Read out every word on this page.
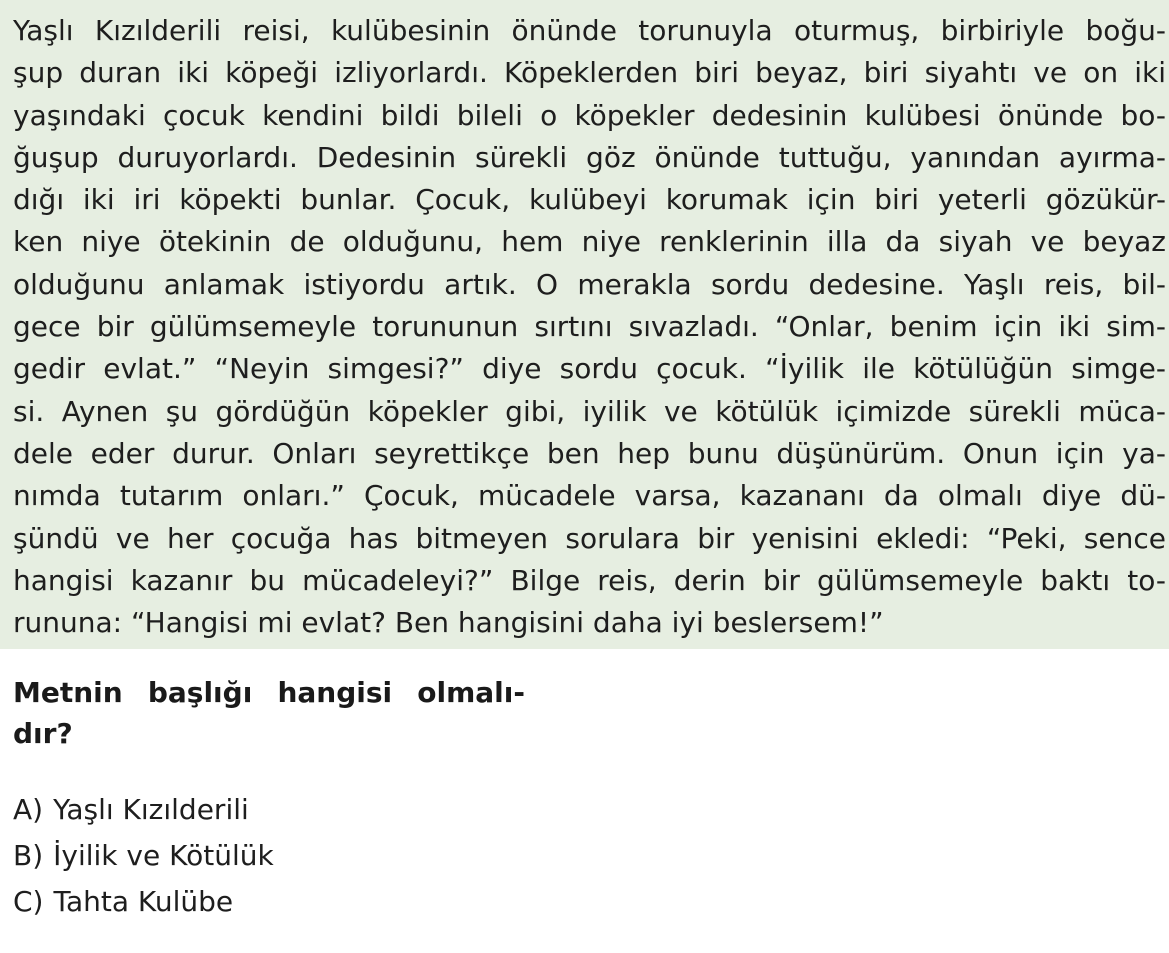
Yaşlı Kızılderili reisi, kulübesinin önünde torunuyla oturmuş, birbiriyle boğu-
şup duran iki köpeği izliyorlardı. Köpeklerden biri beyaz, biri siyahtı ve on iki
yaşındaki çocuk kendini bildi bileli o köpekler dedesinin kulübesi önünde bo-
ğuşup duruyorlardı. Dedesinin sürekli göz önünde tuttuğu, yanından ayırma-
dığı iki iri köpekti bunlar. Çocuk, kulübeyi korumak için biri yeterli gözükür-
ken niye ötekinin de olduğunu, hem niye renklerinin illa da siyah ve beyaz
olduğunu anlamak istiyordu artık. O merakla sordu dedesine. Yaşlı reis, bil-
gece bir gülümsemeyle torununun sırtını sıvazladı. “Onlar, benim için iki sim-
gedir evlat.” “Neyin simgesi?” diye sordu çocuk. “İyilik ile kötülüğün simge-
si. Aynen şu gördüğün köpekler gibi, iyilik ve kötülük içimizde sürekli müca-
dele eder durur. Onları seyrettikçe ben hep bunu düşünürüm. Onun için ya-
nımda tutarım onları.” Çocuk, mücadele varsa, kazananı da olmalı diye dü-
şündü ve her çocuğa has bitmeyen sorulara bir yenisini ekledi: “Peki, sence
hangisi kazanır bu mücadeleyi?” Bilge reis, derin bir gülümsemeyle baktı to-
rununa: “Hangisi mi evlat? Ben hangisini daha iyi beslersem!”
Metnin başlığı hangisi olmalı-
dır?
A) Yaşlı Kızılderili
B) İyilik ve Kötülük
C) Tahta Kulübe
